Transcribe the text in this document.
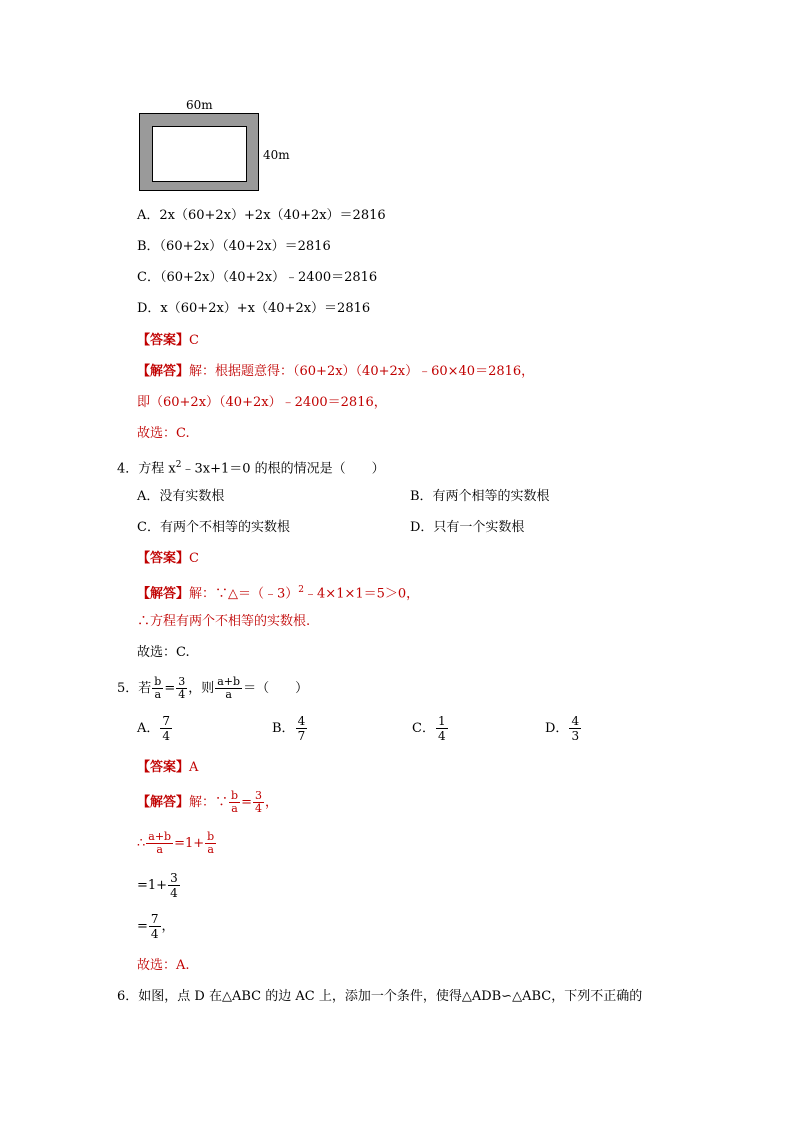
60m
40m
A．2x（60+2x）+2x（40+2x）＝2816
B．（60+2x）（40+2x）＝2816
C．（60+2x）（40+2x）﹣2400＝2816
D．x（60+2x）+x（40+2x）＝2816
【答案】C
【解答】解：根据题意得：（60+2x）（40+2x）﹣60×40＝2816，
即（60+2x）（40+2x）﹣2400＝2816，
故选：C.
4．方程 $x^2﹣3x+1=0$ 的根的情况是（　　）
A．没有实数根	B．有两个相等的实数根
C．有两个不相等的实数根	D．只有一个实数根
【答案】C
【解答】解：∵△＝（﹣3）$^2$﹣4×1×1＝5＞0，
∴方程有两个不相等的实数根.
故选：C.
5．若 $\frac{b}{a} = \frac{3}{4}$ ，则 $\frac{a+b}{a}$ ＝（　　）
A． $\frac{7}{4}$	B． $\frac{4}{7}$	C． $\frac{1}{4}$	D． $\frac{4}{3}$
【答案】A
【解答】解：∵ $\frac{b}{a} = \frac{3}{4}$ ，
∴ $\frac{a+b}{a} =1+ \frac{b}{a}$
$=1+ \frac{3}{4}$
= $\frac{7}{4}$ ，
故选：A.
6．如图，点 D 在△ABC 的边 AC 上，添加一个条件，使得△ADB∽△ABC，下列不正确的
